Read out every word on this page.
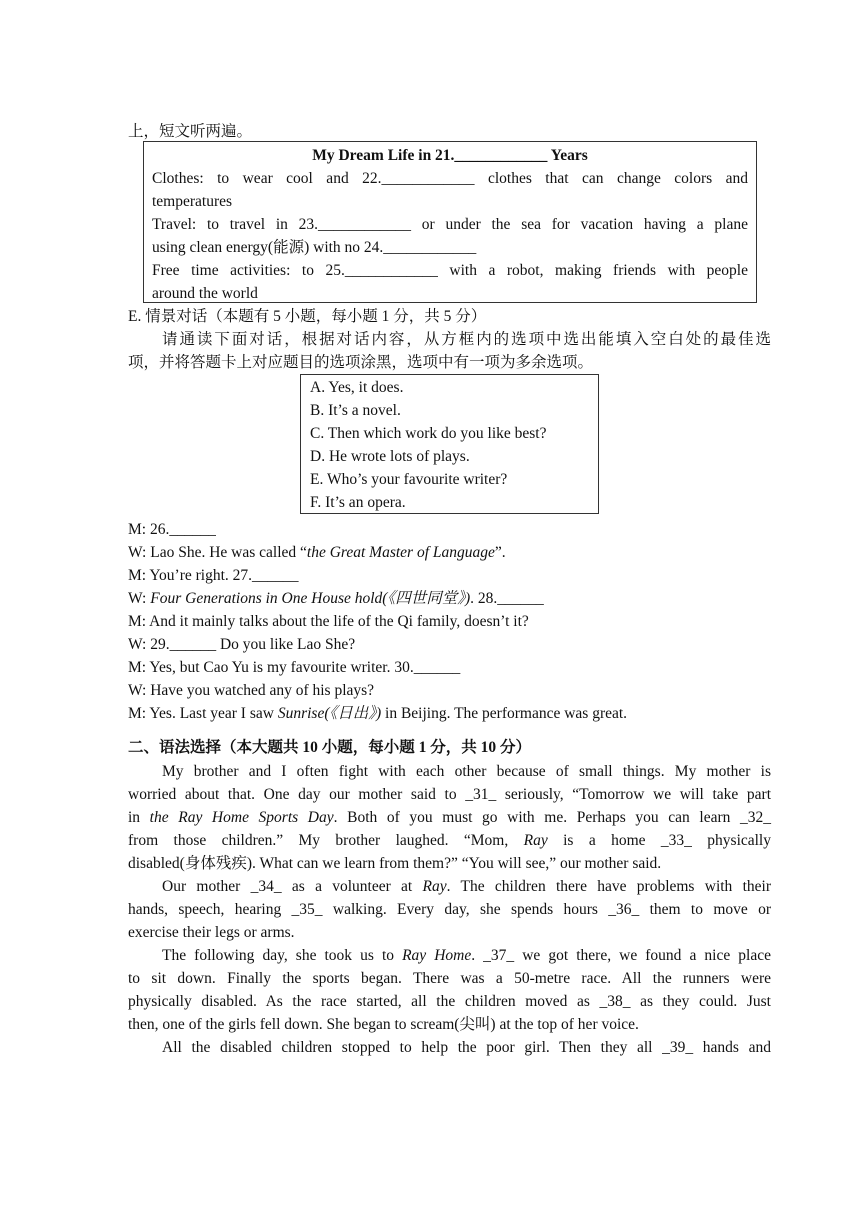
上，短文听两遍。
My Dream Life in 21.____________ Years
Clothes: to wear cool and 22.____________ clothes that can change colors and
temperatures
Travel: to travel in 23.____________ or under the sea for vacation having a plane
using clean energy(能源) with no 24.____________
Free time activities: to 25.____________ with a robot, making friends with people
around the world
E. 情景对话（本题有 5 小题，每小题 1 分，共 5 分）
请通读下面对话，根据对话内容，从方框内的选项中选出能填入空白处的最佳选
项，并将答题卡上对应题目的选项涂黑，选项中有一项为多余选项。
A. Yes, it does.
B. It’s a novel.
C. Then which work do you like best?
D. He wrote lots of plays.
E. Who’s your favourite writer?
F. It’s an opera.
M: 26.______
W: Lao She. He was called “the Great Master of Language”.
M: You’re right. 27.______
W: Four Generations in One House hold(《四世同堂》). 28.______
M: And it mainly talks about the life of the Qi family, doesn’t it?
W: 29.______ Do you like Lao She?
M: Yes, but Cao Yu is my favourite writer. 30.______
W: Have you watched any of his plays?
M: Yes. Last year I saw Sunrise(《日出》) in Beijing. The performance was great.
二、语法选择（本大题共 10 小题，每小题 1 分，共 10 分）
My brother and I often fight with each other because of small things. My mother is
worried about that. One day our mother said to _31_ seriously, “Tomorrow we will take part
in the Ray Home Sports Day. Both of you must go with me. Perhaps you can learn _32_
from those children.” My brother laughed. “Mom, Ray is a home _33_ physically
disabled(身体残疾). What can we learn from them?” “You will see,” our mother said.
Our mother _34_ as a volunteer at Ray. The children there have problems with their
hands, speech, hearing _35_ walking. Every day, she spends hours _36_ them to move or
exercise their legs or arms.
The following day, she took us to Ray Home. _37_ we got there, we found a nice place
to sit down. Finally the sports began. There was a 50-metre race. All the runners were
physically disabled. As the race started, all the children moved as _38_ as they could. Just
then, one of the girls fell down. She began to scream(尖叫) at the top of her voice.
All the disabled children stopped to help the poor girl. Then they all _39_ hands and
